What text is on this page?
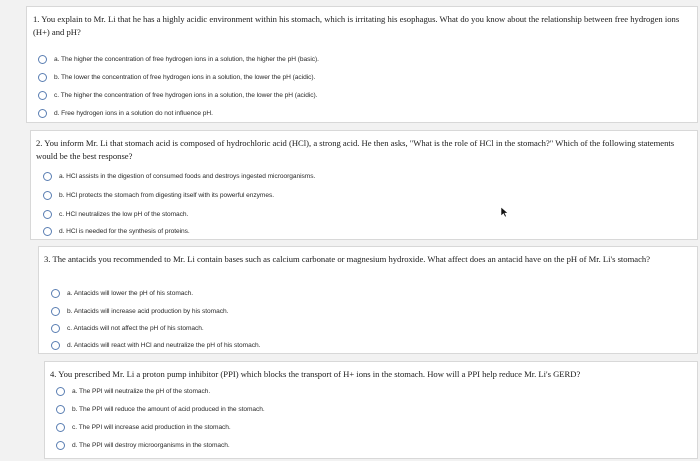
1. You explain to Mr. Li that he has a highly acidic environment within his stomach, which is irritating his esophagus. What do you know about the relationship between free hydrogen ions (H+) and pH?
a. The higher the concentration of free hydrogen ions in a solution, the higher the pH (basic).
b. The lower the concentration of free hydrogen ions in a solution, the lower the pH (acidic).
c. The higher the concentration of free hydrogen ions in a solution, the lower the pH (acidic).
d. Free hydrogen ions in a solution do not influence pH.
2. You inform Mr. Li that stomach acid is composed of hydrochloric acid (HCl), a strong acid. He then asks, "What is the role of HCl in the stomach?" Which of the following statements would be the best response?
a. HCl assists in the digestion of consumed foods and destroys ingested microorganisms.
b. HCl protects the stomach from digesting itself with its powerful enzymes.
c. HCl neutralizes the low pH of the stomach.
d. HCl is needed for the synthesis of proteins.
3. The antacids you recommended to Mr. Li contain bases such as calcium carbonate or magnesium hydroxide. What affect does an antacid have on the pH of Mr. Li's stomach?
a. Antacids will lower the pH of his stomach.
b. Antacids will increase acid production by his stomach.
c. Antacids will not affect the pH of his stomach.
d. Antacids will react with HCl and neutralize the pH of his stomach.
4. You prescribed Mr. Li a proton pump inhibitor (PPI) which blocks the transport of H+ ions in the stomach. How will a PPI help reduce Mr. Li's GERD?
a. The PPI will neutralize the pH of the stomach.
b. The PPI will reduce the amount of acid produced in the stomach.
c. The PPI will increase acid production in the stomach.
d. The PPI will destroy microorganisms in the stomach.
